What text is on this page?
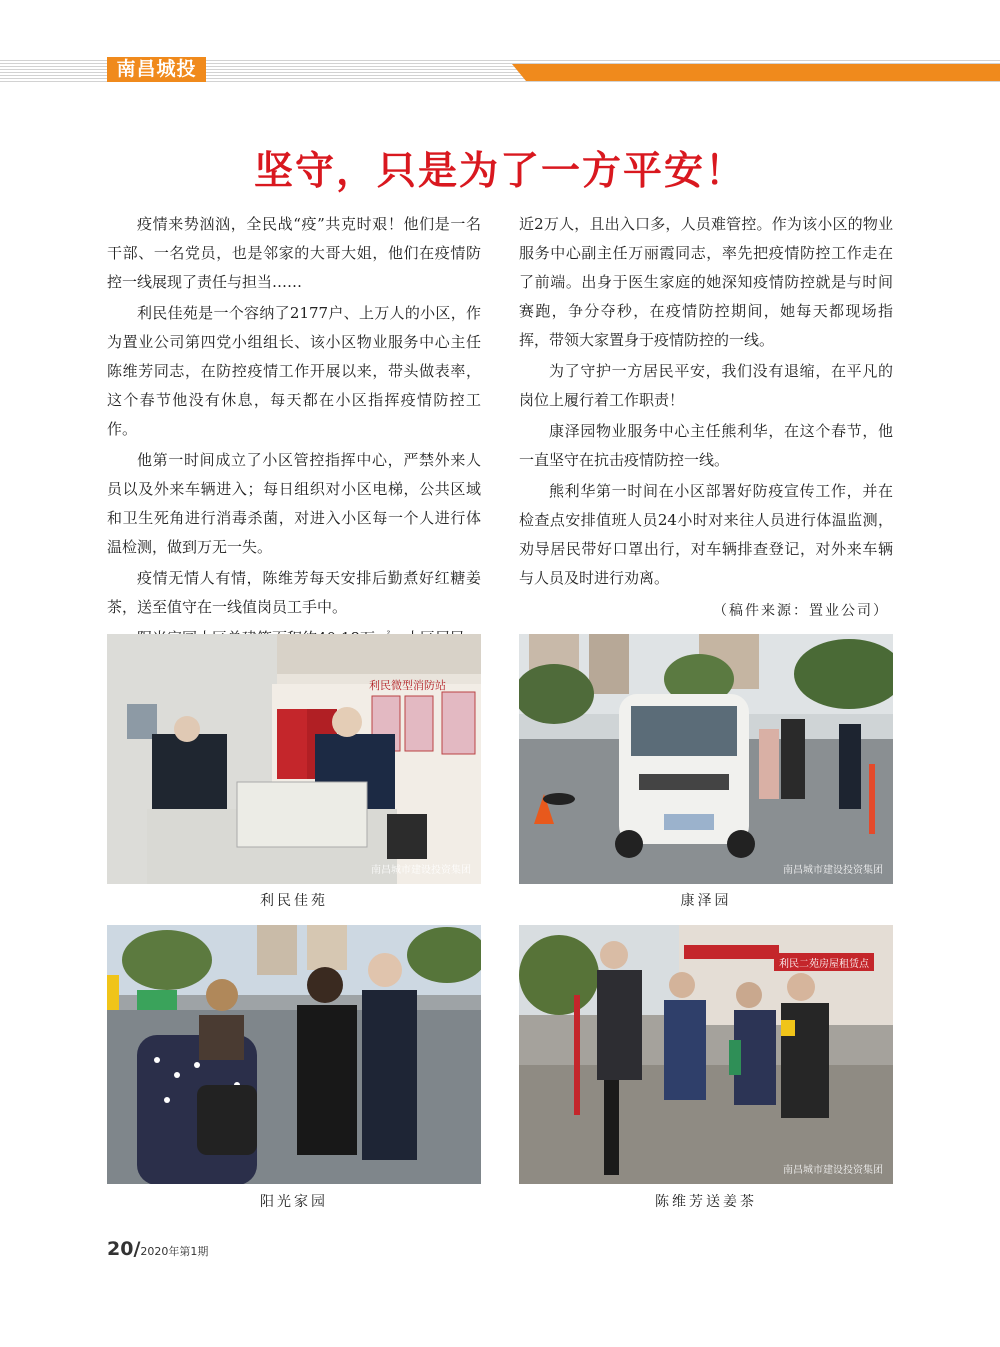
南昌城投
坚守，只是为了一方平安！

疫情来势汹汹，全民战“疫”共克时艰！他们是一名干部、一名党员，也是邻家的大哥大姐，他们在疫情防控一线展现了责任与担当……

利民佳苑是一个容纳了2177户、上万人的小区，作为置业公司第四党小组组长、该小区物业服务中心主任陈维芳同志，在防控疫情工作开展以来，带头做表率，这个春节他没有休息，每天都在小区指挥疫情防控工作。

他第一时间成立了小区管控指挥中心，严禁外来人员以及外来车辆进入；每日组织对小区电梯，公共区域和卫生死角进行消毒杀菌，对进入小区每一个人进行体温检测，做到万无一失。

疫情无情人有情，陈维芳每天安排后勤煮好红糖姜茶，送至值守在一线值岗员工手中。

近2万人，且出入口多，人员难管控。作为该小区的物业服务中心副主任万丽霞同志，率先把疫情防控工作走在了前端。出身于医生家庭的她深知疫情防控就是与时间赛跑，争分夺秒，在疫情防控期间，她每天都现场指挥，带领大家置身于疫情防控的一线。

为了守护一方居民平安，我们没有退缩，在平凡的岗位上履行着工作职责！

康泽园物业服务中心主任熊利华，在这个春节，他一直坚守在抗击疫情防控一线。

熊利华第一时间在小区部署好防疫宣传工作，并在检查点安排值班人员24小时对来往人员进行体温监测，劝导居民带好口罩出行，对车辆排查登记，对外来车辆与人员及时进行劝离。

（稿件来源：置业公司）
利民微型消防站
南昌城市建设投资集团
利民佳苑
南昌城市建设投资集团
康泽园
阳光家园
利民二苑房屋租赁点
南昌城市建设投资集团
陈维芳送姜茶
20/2020年第1期
